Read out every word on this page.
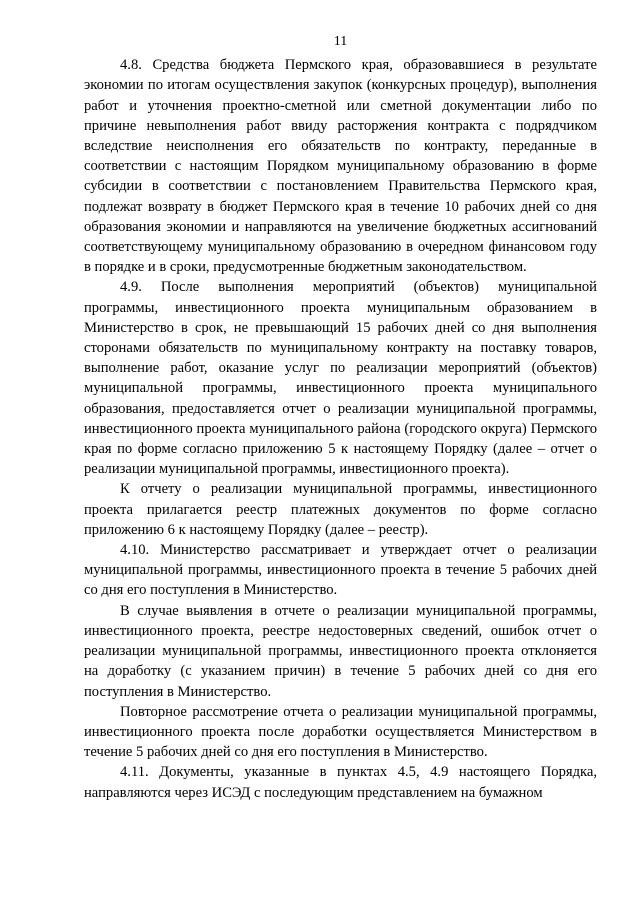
11

4.8. Средства бюджета Пермского края, образовавшиеся в результате экономии по итогам осуществления закупок (конкурсных процедур), выполнения работ и уточнения проектно-сметной или сметной документации либо по причине невыполнения работ ввиду расторжения контракта с подрядчиком вследствие неисполнения его обязательств по контракту, переданные в соответствии с настоящим Порядком муниципальному образованию в форме субсидии в соответствии с постановлением Правительства Пермского края, подлежат возврату в бюджет Пермского края в течение 10 рабочих дней со дня образования экономии и направляются на увеличение бюджетных ассигнований соответствующему муниципальному образованию в очередном финансовом году в порядке и в сроки, предусмотренные бюджетным законодательством.

4.9. После выполнения мероприятий (объектов) муниципальной программы, инвестиционного проекта муниципальным образованием в Министерство в срок, не превышающий 15 рабочих дней со дня выполнения сторонами обязательств по муниципальному контракту на поставку товаров, выполнение работ, оказание услуг по реализации мероприятий (объектов) муниципальной программы, инвестиционного проекта муниципального образования, предоставляется отчет о реализации муниципальной программы, инвестиционного проекта муниципального района (городского округа) Пермского края по форме согласно приложению 5 к настоящему Порядку (далее – отчет о реализации муниципальной программы, инвестиционного проекта).

К отчету о реализации муниципальной программы, инвестиционного проекта прилагается реестр платежных документов по форме согласно приложению 6 к настоящему Порядку (далее – реестр).

4.10. Министерство рассматривает и утверждает отчет о реализации муниципальной программы, инвестиционного проекта в течение 5 рабочих дней со дня его поступления в Министерство.

В случае выявления в отчете о реализации муниципальной программы, инвестиционного проекта, реестре недостоверных сведений, ошибок отчет о реализации муниципальной программы, инвестиционного проекта отклоняется на доработку (с указанием причин) в течение 5 рабочих дней со дня его поступления в Министерство.

Повторное рассмотрение отчета о реализации муниципальной программы, инвестиционного проекта после доработки осуществляется Министерством в течение 5 рабочих дней со дня его поступления в Министерство.

4.11. Документы, указанные в пунктах 4.5, 4.9 настоящего Порядка, направляются через ИСЭД с последующим представлением на бумажном
